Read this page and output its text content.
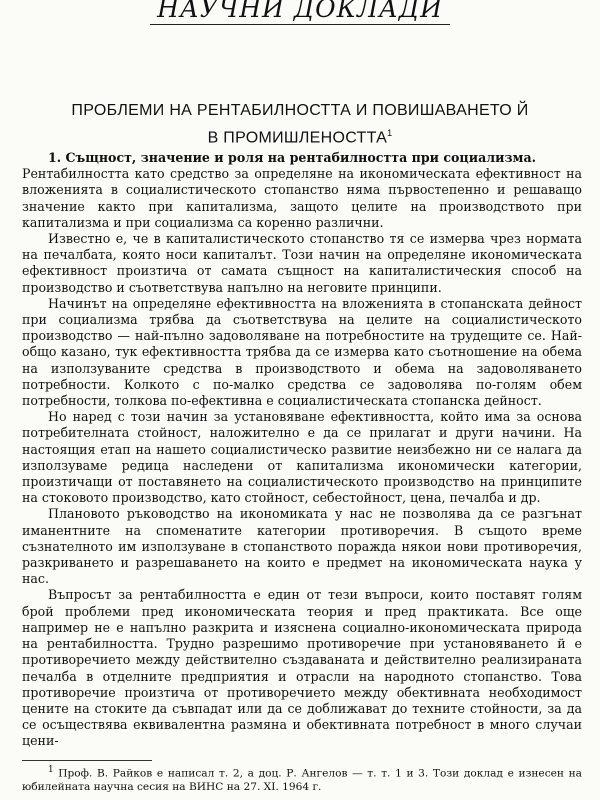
НАУЧНИ ДОКЛАДИ
ПРОБЛЕМИ НА РЕНТАБИЛНОСТТА И ПОВИШАВАНЕТО Й
В ПРОМИШЛЕНОСТТА$^1$

1. Същност, значение и роля на рентабилността при социализма.

Рентабилността като средство за определяне на икономическата ефективност на вложенията в социалистическото стопанство няма първостепенно и решаващо значение както при капитализма, защото целите на производството при капитализма и при социализма са коренно различни.

Известно е, че в капиталистическото стопанство тя се измерва чрез нормата на печалбата, която носи капиталът. Този начин на определяне икономическата ефективност произтича от самата същност на капиталистическия способ на производство и съответствува напълно на неговите принципи.

Начинът на определяне ефективността на вложенията в стопанската дейност при социализма трябва да съответствува на целите на социалистическото производство — най-пълно задоволяване на потребностите на трудещите се. Най-общо казано, тук ефективността трябва да се измерва като съотношение на обема на използуваните средства в производството и обема на задоволяването потребности. Колкото с по-малко средства се задоволява по-голям обем потребности, толкова по-ефективна е социалистическата стопанска дейност.

Но наред с този начин за установяване ефективността, който има за основа потребителната стойност, наложително е да се прилагат и други начини. На настоящия етап на нашето социалистическо развитие неизбежно ни се налага да използуваме редица наследени от капитализма икономически категории, произтичащи от поставянето на социалистическото производство на принципите на стоковото производство, като стойност, себестойност, цена, печалба и др.

Плановото ръководство на икономиката у нас не позволява да се разгънат иманентните на споменатите категории противоречия. В същото време съзнателното им използуване в стопанството поражда някои нови противоречия, разкриването и разрешаването на които е предмет на икономическата наука у нас.

Въпросът за рентабилността е един от тези въпроси, които поставят голям брой проблеми пред икономическата теория и пред практиката. Все още например не е напълно разкрита и изяснена социално-икономическата природа на рентабилността. Трудно разрешимо противоречие при установяването й е противоречието между действително създаваната и действително реализираната печалба в отделните предприятия и отрасли на народното стопанство. Това противоречие произтича от противоречието между обективната необходимост цените на стоките да съвпадат или да се доближават до техните стойности, за да се осъществява еквивалентна размяна и обективната потребност в много случаи цени-

$^1$ Проф. В. Райков е написал т. 2, а доц. Р. Ангелов — т. т. 1 и 3. Този доклад е изнесен на юбилейната научна сесия на ВИНС на 27. XI. 1964 г.
